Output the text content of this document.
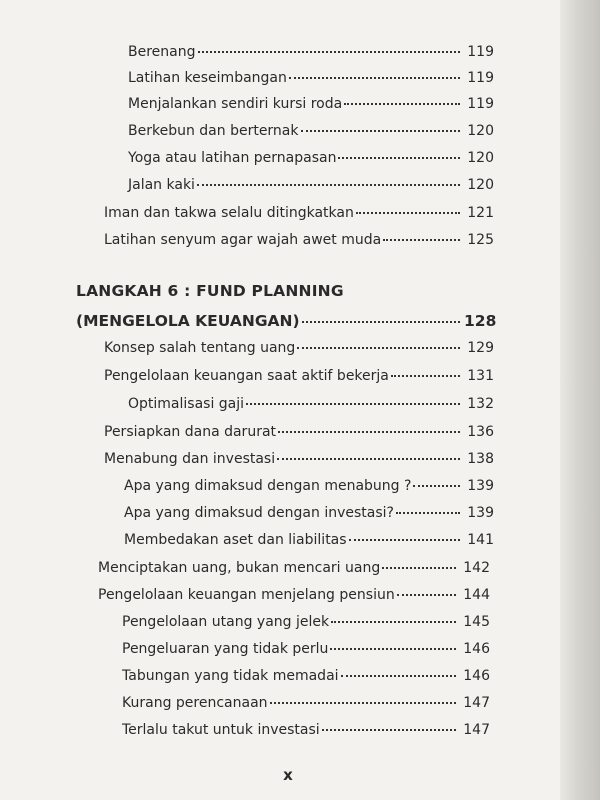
Berenang	119
Latihan keseimbangan	119
Menjalankan sendiri kursi roda	119
Berkebun dan berternak	120
Yoga atau latihan pernapasan	120
Jalan kaki	120
Iman dan takwa selalu ditingkatkan	121
Latihan senyum agar wajah awet muda	125
LANGKAH 6 : FUND PLANNING
(MENGELOLA KEUANGAN)	128
Konsep salah tentang uang	129
Pengelolaan keuangan saat aktif bekerja	131
Optimalisasi gaji	132
Persiapkan dana darurat	136
Menabung dan investasi	138
Apa yang dimaksud dengan menabung ?	139
Apa yang dimaksud dengan investasi?	139
Membedakan aset dan liabilitas	141
Menciptakan uang, bukan mencari uang	142
Pengelolaan keuangan menjelang pensiun	144
Pengelolaan utang yang jelek	145
Pengeluaran yang tidak perlu	146
Tabungan yang tidak memadai	146
Kurang perencanaan	147
Terlalu takut untuk investasi	147
x
